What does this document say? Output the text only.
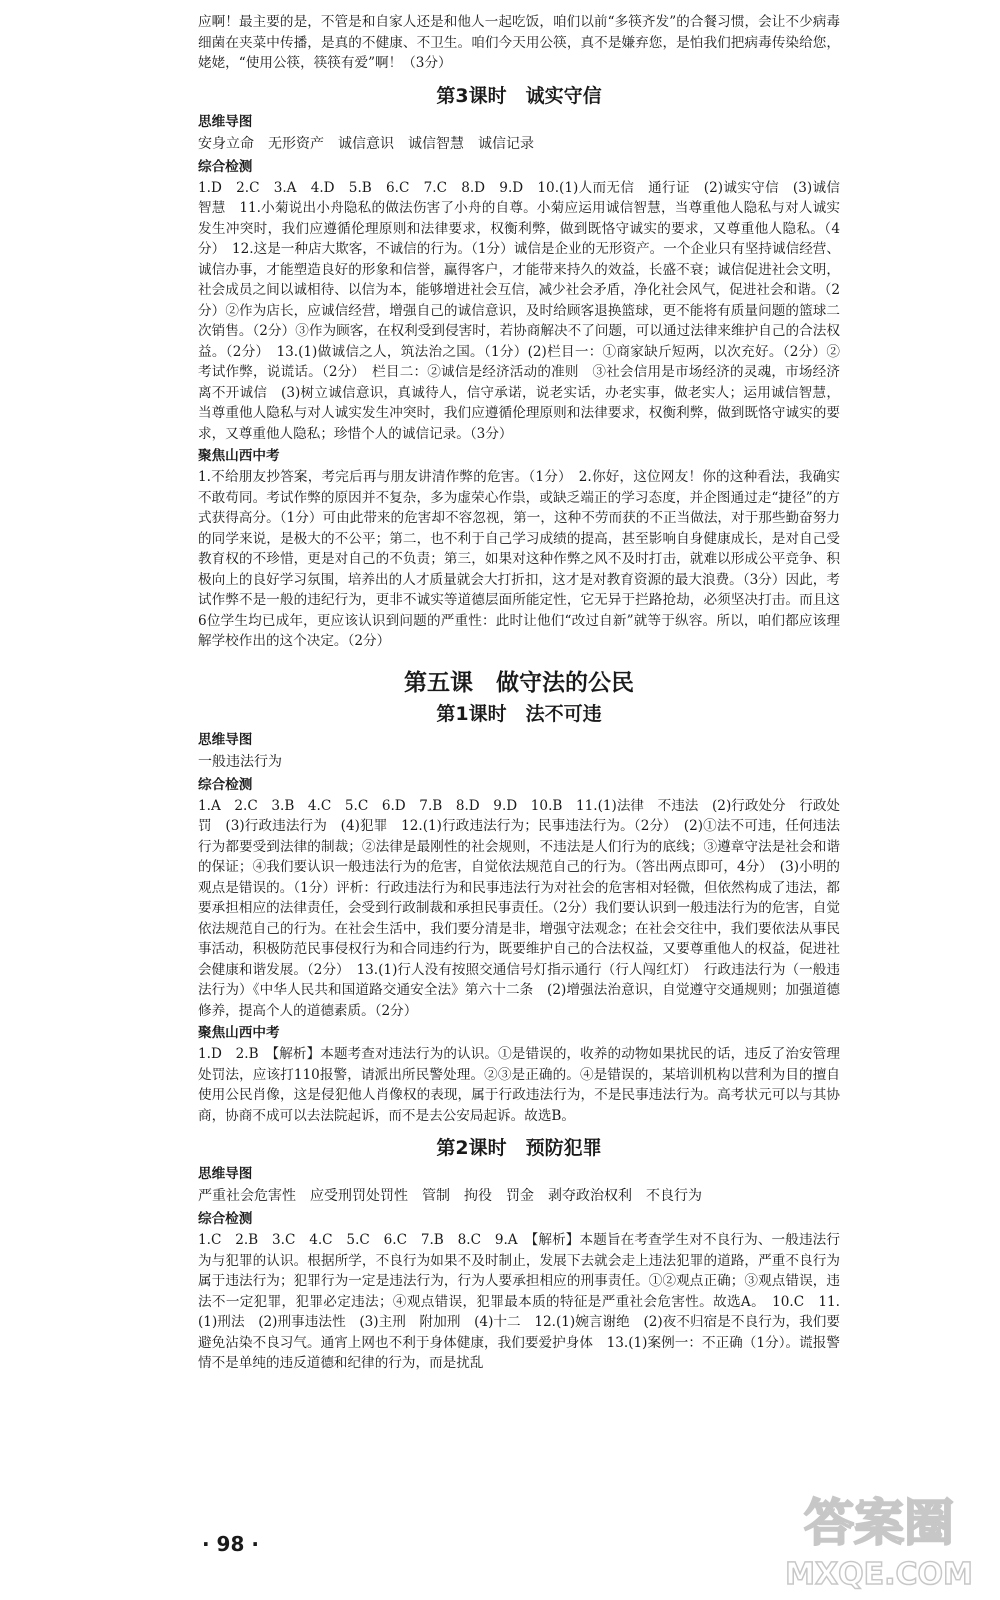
应啊！最主要的是，不管是和自家人还是和他人一起吃饭，咱们以前“多筷齐发”的合餐习惯，会让不少病毒细菌在夹菜中传播，是真的不健康、不卫生。咱们今天用公筷，真不是嫌弃您，是怕我们把病毒传染给您，姥姥，“使用公筷，筷筷有爱”啊！（3分）

第3课时　诚实守信
思维导图

安身立命　无形资产　诚信意识　诚信智慧　诚信记录

综合检测

1.D　2.C　3.A　4.D　5.B　6.C　7.C　8.D　9.D　10.(1)人而无信　通行证　(2)诚实守信　(3)诚信智慧　11.小菊说出小舟隐私的做法伤害了小舟的自尊。小菊应运用诚信智慧，当尊重他人隐私与对人诚实发生冲突时，我们应遵循伦理原则和法律要求，权衡利弊，做到既恪守诚实的要求，又尊重他人隐私。（4分）　12.这是一种店大欺客，不诚信的行为。（1分）诚信是企业的无形资产。一个企业只有坚持诚信经营、诚信办事，才能塑造良好的形象和信誉，赢得客户，才能带来持久的效益，长盛不衰；诚信促进社会文明，社会成员之间以诚相待、以信为本，能够增进社会互信，减少社会矛盾，净化社会风气，促进社会和谐。（2分）②作为店长，应诚信经营，增强自己的诚信意识，及时给顾客退换篮球，更不能将有质量问题的篮球二次销售。（2分）③作为顾客，在权利受到侵害时，若协商解决不了问题，可以通过法律来维护自己的合法权益。（2分）　13.(1)做诚信之人，筑法治之国。（1分）(2)栏目一：①商家缺斤短两，以次充好。（2分）②考试作弊，说谎话。（2分）　栏目二：②诚信是经济活动的准则　③社会信用是市场经济的灵魂，市场经济离不开诚信　(3)树立诚信意识，真诚待人，信守承诺，说老实话，办老实事，做老实人；运用诚信智慧，当尊重他人隐私与对人诚实发生冲突时，我们应遵循伦理原则和法律要求，权衡利弊，做到既恪守诚实的要求，又尊重他人隐私；珍惜个人的诚信记录。（3分）

聚焦山西中考

1.不给朋友抄答案，考完后再与朋友讲清作弊的危害。（1分）　2.你好，这位网友！你的这种看法，我确实不敢苟同。考试作弊的原因并不复杂，多为虚荣心作祟，或缺乏端正的学习态度，并企图通过走“捷径”的方式获得高分。（1分）可由此带来的危害却不容忽视，第一，这种不劳而获的不正当做法，对于那些勤奋努力的同学来说，是极大的不公平；第二，也不利于自己学习成绩的提高，甚至影响自身健康成长，是对自己受教育权的不珍惜，更是对自己的不负责；第三，如果对这种作弊之风不及时打击，就难以形成公平竞争、积极向上的良好学习氛围，培养出的人才质量就会大打折扣，这才是对教育资源的最大浪费。（3分）因此，考试作弊不是一般的违纪行为，更非不诚实等道德层面所能定性，它无异于拦路抢劫，必须坚决打击。而且这6位学生均已成年，更应该认识到问题的严重性：此时让他们“改过自新”就等于纵容。所以，咱们都应该理解学校作出的这个决定。（2分）

第五课　做守法的公民
第1课时　法不可违
思维导图

一般违法行为

综合检测

1.A　2.C　3.B　4.C　5.C　6.D　7.B　8.D　9.D　10.B　11.(1)法律　不违法　(2)行政处分　行政处罚　(3)行政违法行为　(4)犯罪　12.(1)行政违法行为；民事违法行为。（2分）　(2)①法不可违，任何违法行为都要受到法律的制裁；②法律是最刚性的社会规则，不违法是人们行为的底线；③遵章守法是社会和谐的保证；④我们要认识一般违法行为的危害，自觉依法规范自己的行为。（答出两点即可，4分）　(3)小明的观点是错误的。（1分）评析：行政违法行为和民事违法行为对社会的危害相对轻微，但依然构成了违法，都要承担相应的法律责任，会受到行政制裁和承担民事责任。（2分）我们要认识到一般违法行为的危害，自觉依法规范自己的行为。在社会生活中，我们要分清是非，增强守法观念；在社会交往中，我们要依法从事民事活动，积极防范民事侵权行为和合同违约行为，既要维护自己的合法权益，又要尊重他人的权益，促进社会健康和谐发展。（2分）　13.(1)行人没有按照交通信号灯指示通行（行人闯红灯）　行政违法行为（一般违法行为）《中华人民共和国道路交通安全法》第六十二条　(2)增强法治意识，自觉遵守交通规则；加强道德修养，提高个人的道德素质。（2分）

聚焦山西中考

1.D　2.B　【解析】本题考查对违法行为的认识。①是错误的，收养的动物如果扰民的话，违反了治安管理处罚法，应该打110报警，请派出所民警处理。②③是正确的。④是错误的，某培训机构以营利为目的擅自使用公民肖像，这是侵犯他人肖像权的表现，属于行政违法行为，不是民事违法行为。高考状元可以与其协商，协商不成可以去法院起诉，而不是去公安局起诉。故选B。

第2课时　预防犯罪
思维导图

严重社会危害性　应受刑罚处罚性　管制　拘役　罚金　剥夺政治权利　不良行为

综合检测

1.C　2.B　3.C　4.C　5.C　6.C　7.B　8.C　9.A　【解析】本题旨在考查学生对不良行为、一般违法行为与犯罪的认识。根据所学，不良行为如果不及时制止，发展下去就会走上违法犯罪的道路，严重不良行为属于违法行为；犯罪行为一定是违法行为，行为人要承担相应的刑事责任。①②观点正确；③观点错误，违法不一定犯罪，犯罪必定违法；④观点错误，犯罪最本质的特征是严重社会危害性。故选A。　10.C　11.(1)刑法　(2)刑事违法性　(3)主刑　附加刑　(4)十二　12.(1)婉言谢绝　(2)夜不归宿是不良行为，我们要避免沾染不良习气。通宵上网也不利于身体健康，我们要爱护身体　13.(1)案例一：不正确（1分）。谎报警情不是单纯的违反道德和纪律的行为，而是扰乱

· 98 ·	答案圈
MXQE.COM
